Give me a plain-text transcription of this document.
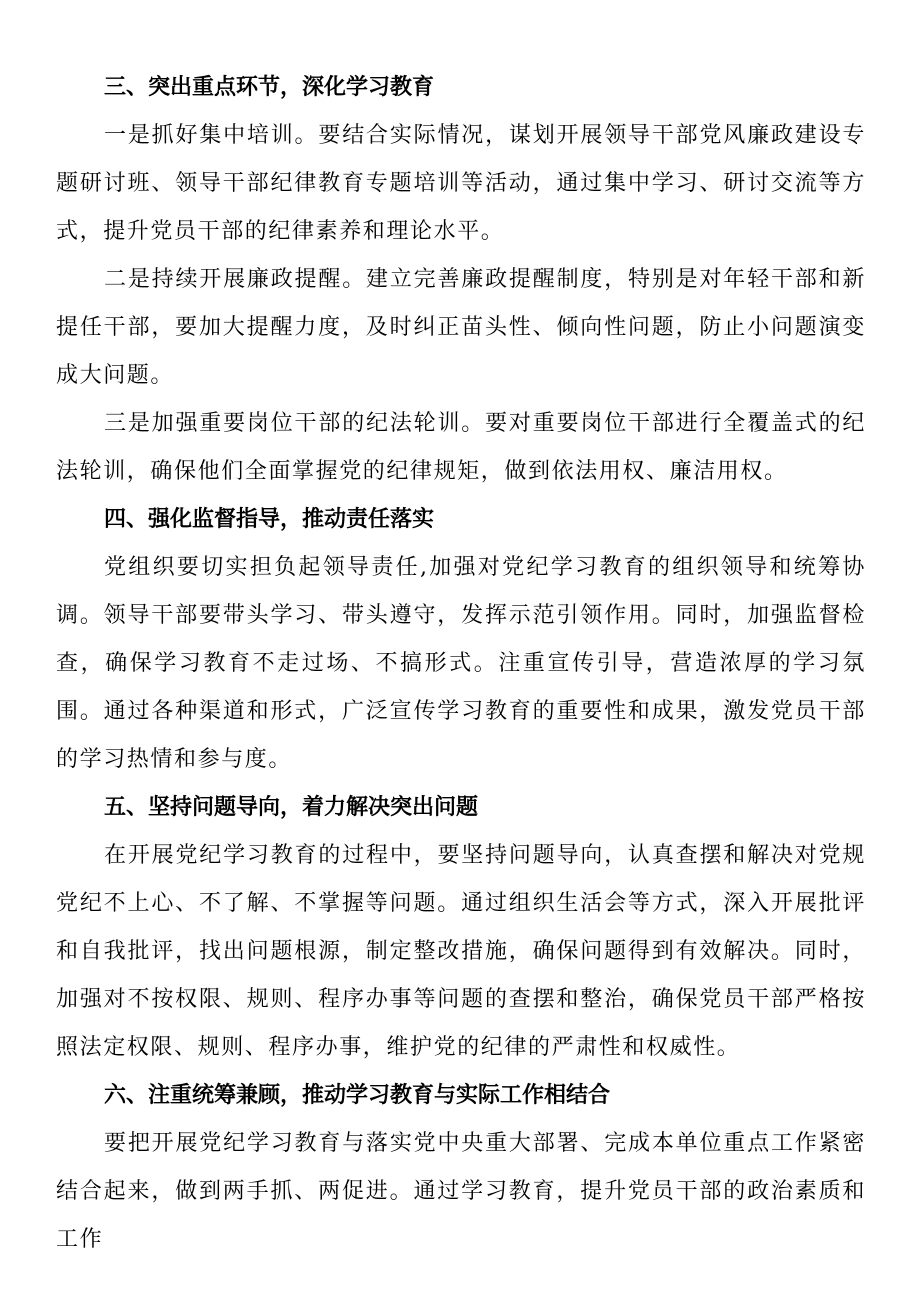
三、突出重点环节，深化学习教育

一是抓好集中培训。要结合实际情况，谋划开展领导干部党风廉政建设专题研讨班、领导干部纪律教育专题培训等活动，通过集中学习、研讨交流等方式，提升党员干部的纪律素养和理论水平。

二是持续开展廉政提醒。建立完善廉政提醒制度，特别是对年轻干部和新提任干部，要加大提醒力度，及时纠正苗头性、倾向性问题，防止小问题演变成大问题。

三是加强重要岗位干部的纪法轮训。要对重要岗位干部进行全覆盖式的纪法轮训，确保他们全面掌握党的纪律规矩，做到依法用权、廉洁用权。

四、强化监督指导，推动责任落实

党组织要切实担负起领导责任,加强对党纪学习教育的组织领导和统筹协调。领导干部要带头学习、带头遵守，发挥示范引领作用。同时，加强监督检查，确保学习教育不走过场、不搞形式。注重宣传引导，营造浓厚的学习氛围。通过各种渠道和形式，广泛宣传学习教育的重要性和成果，激发党员干部的学习热情和参与度。

五、坚持问题导向，着力解决突出问题

在开展党纪学习教育的过程中，要坚持问题导向，认真查摆和解决对党规党纪不上心、不了解、不掌握等问题。通过组织生活会等方式，深入开展批评和自我批评，找出问题根源，制定整改措施，确保问题得到有效解决。同时，加强对不按权限、规则、程序办事等问题的查摆和整治，确保党员干部严格按照法定权限、规则、程序办事，维护党的纪律的严肃性和权威性。

六、注重统筹兼顾，推动学习教育与实际工作相结合

要把开展党纪学习教育与落实党中央重大部署、完成本单位重点工作紧密结合起来，做到两手抓、两促进。通过学习教育，提升党员干部的政治素质和工作
